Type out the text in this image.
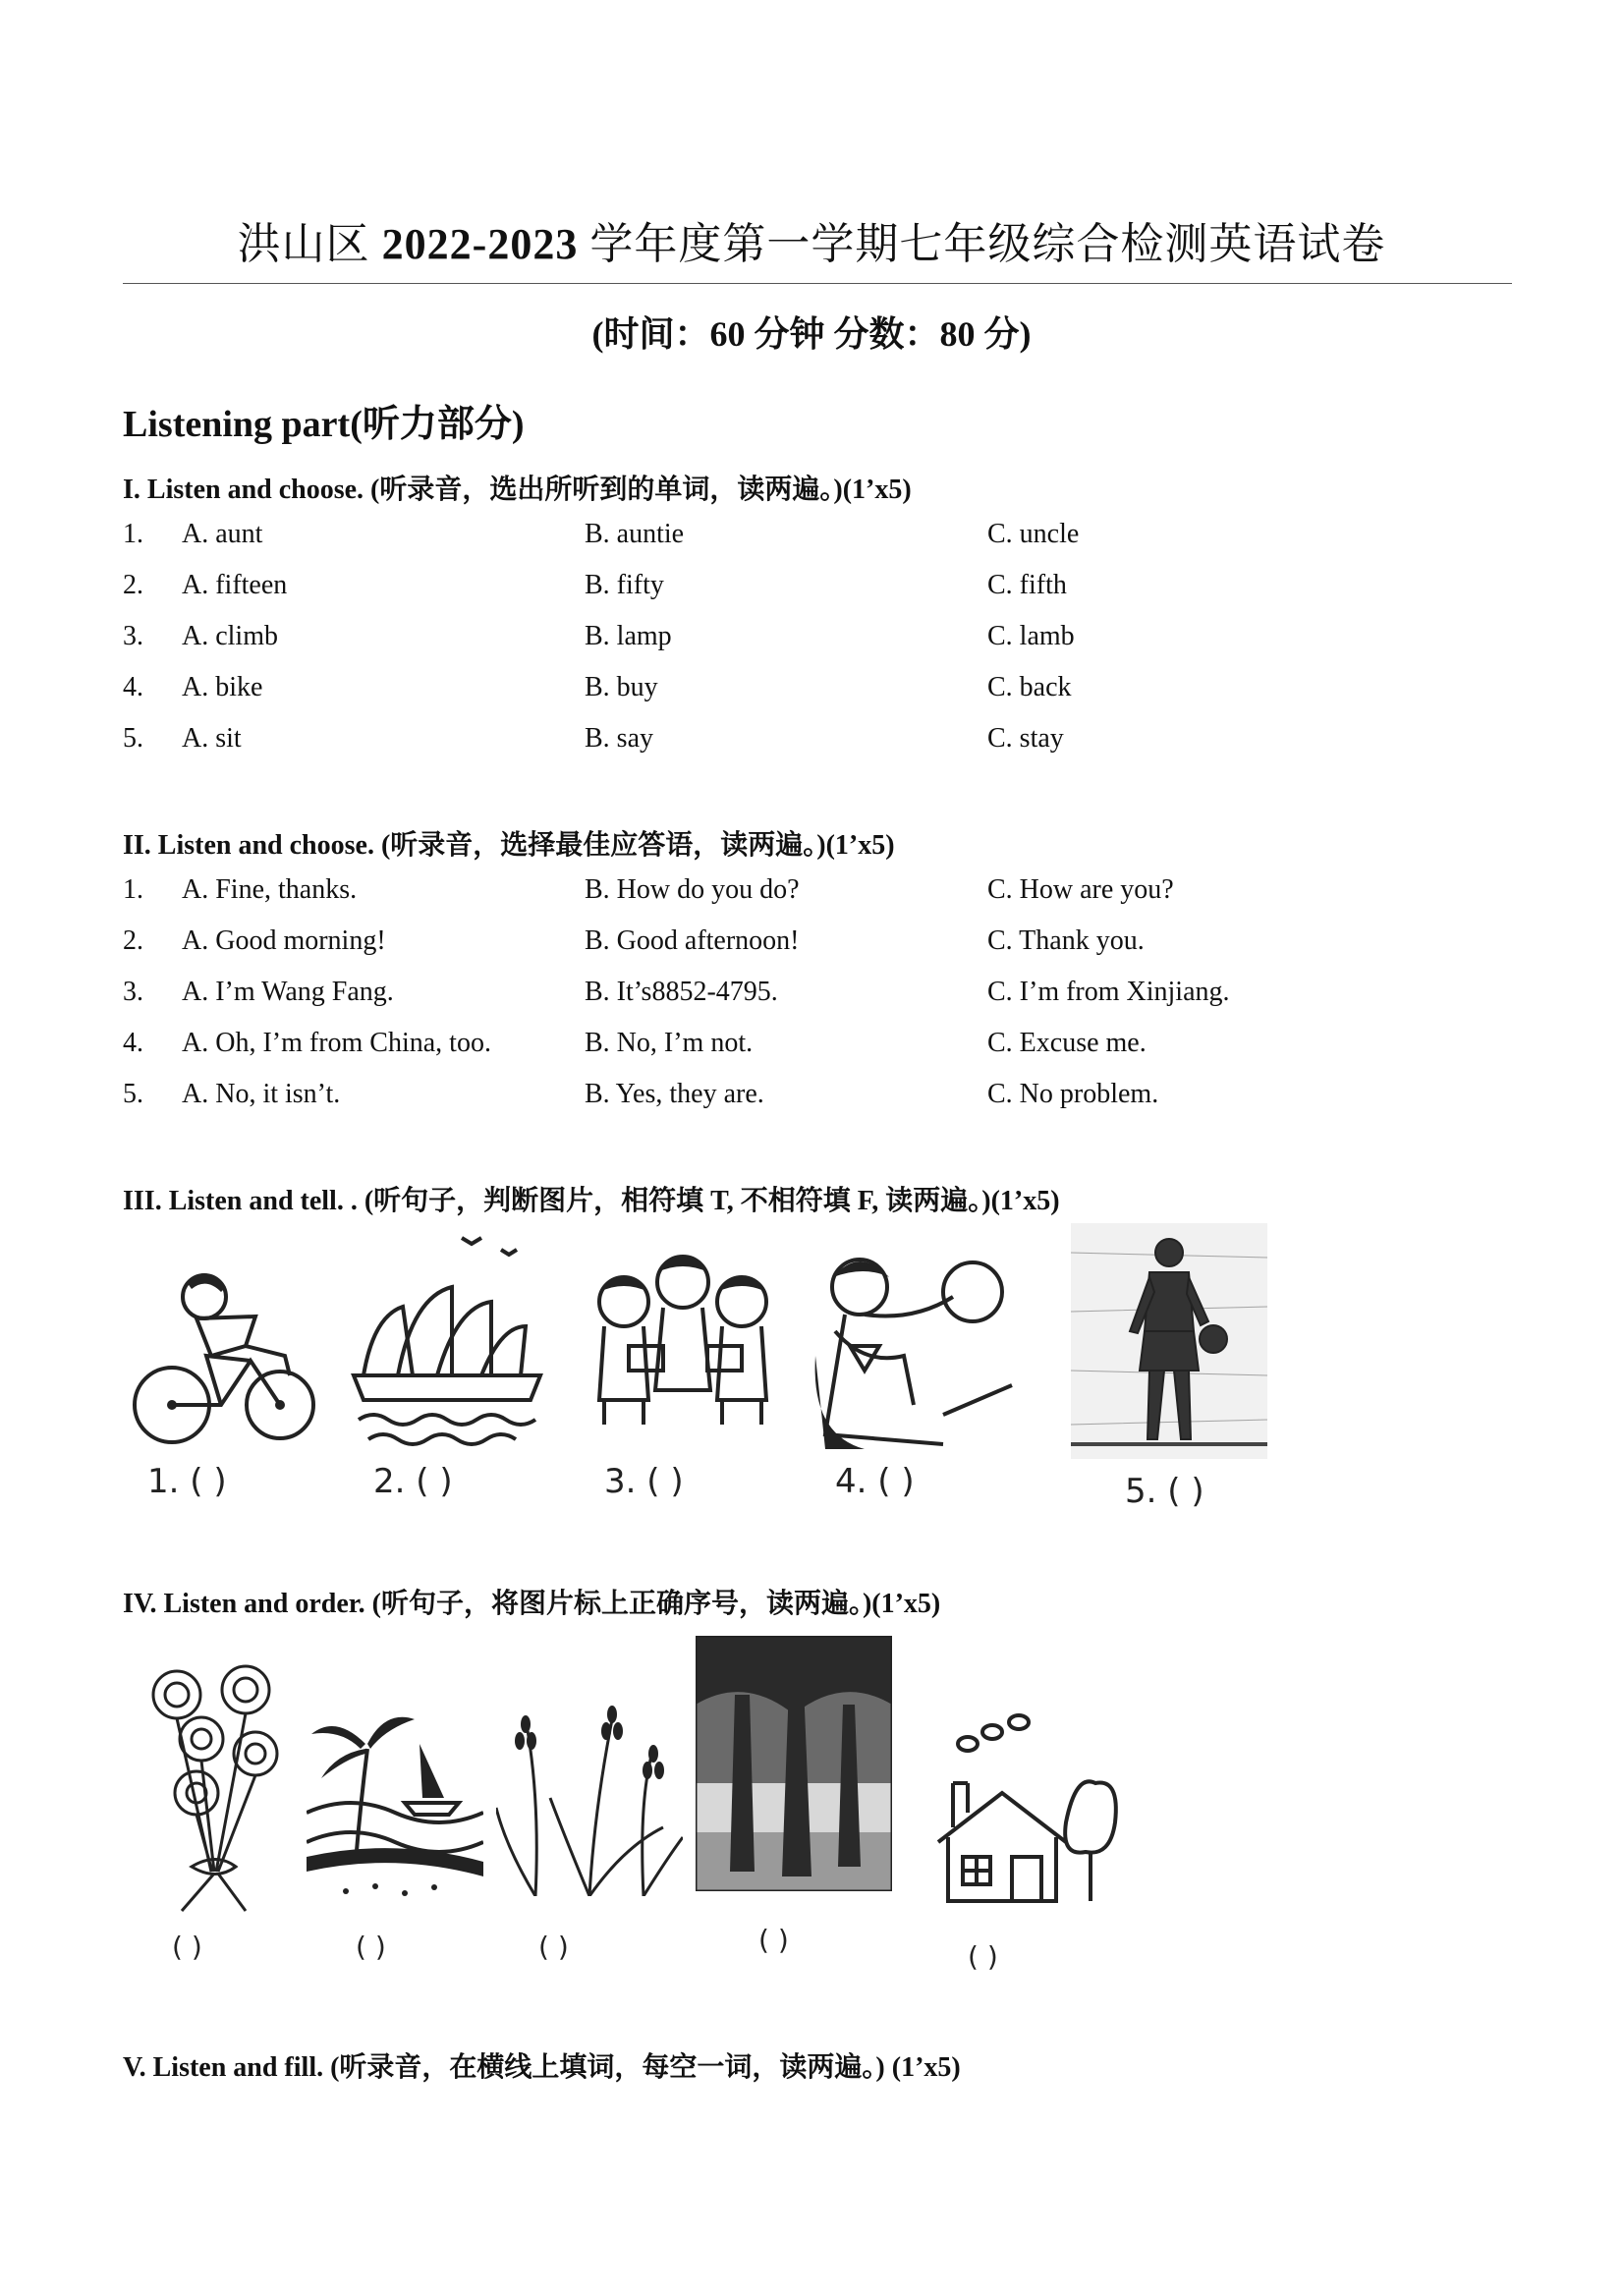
洪山区 2022-2023 学年度第一学期七年级综合检测英语试卷
(时间：60 分钟 分数：80 分)
Listening part(听力部分)
I. Listen and choose. (听录音，选出所听到的单词，读两遍。)(1’x5)
1. A. aunt	B. auntie	C. uncle
2. A. fifteen	B. fifty	C. fifth
3. A. climb	B. lamp	C. lamb
4. A. bike	B. buy	C. back
5. A. sit	B. say	C. stay
II. Listen and choose. (听录音，选择最佳应答语，读两遍。)(1’x5)
1. A. Fine, thanks.	B. How do you do?	C. How are you?
2. A. Good morning!	B. Good afternoon!	C. Thank you.
3. A. I’m Wang Fang.	B. It’s8852-4795.	C. I’m from Xinjiang.
4. A. Oh, I’m from China, too.	B. No, I’m not.	C. Excuse me.
5. A. No, it isn’t.	B. Yes, they are.	C. No problem.
III. Listen and tell. . (听句子，判断图片，相符填 T, 不相符填 F, 读两遍。)(1’x5)
1. ( )	2. ( )	3. ( )	4. ( )	5. ( )
IV. Listen and order. (听句子，将图片标上正确序号，读两遍。)(1’x5)
( )	( )	( )	( )
( )
V. Listen and fill. (听录音，在横线上填词，每空一词，读两遍。) (1’x5)
